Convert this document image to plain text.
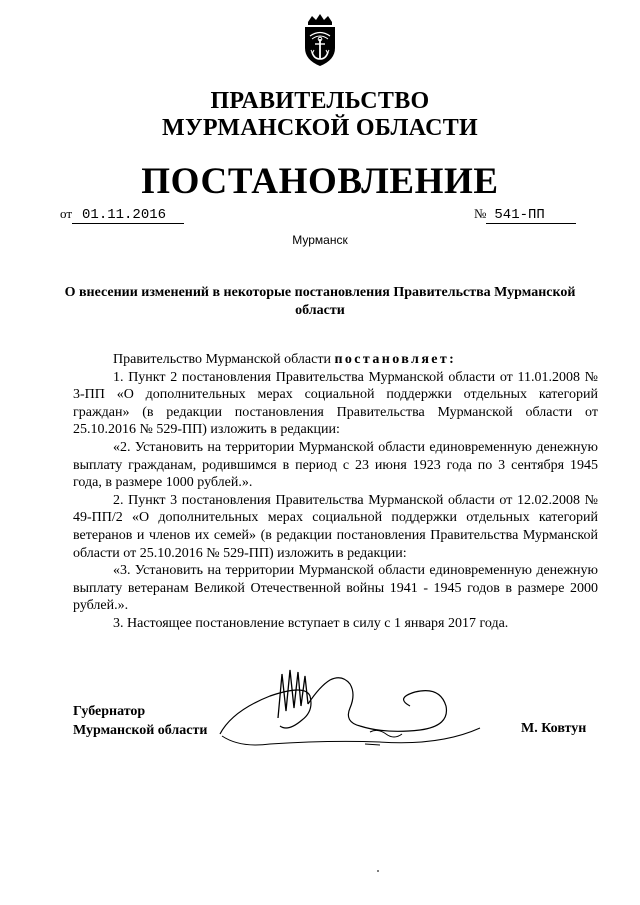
ПРАВИТЕЛЬСТВО
МУРМАНСКОЙ ОБЛАСТИ
ПОСТАНОВЛЕНИЕ
от 01.11.2016	№ 541-ПП
Мурманск
О внесении изменений в некоторые постановления Правительства Мурманской области

Правительство Мурманской области постановляет:

1. Пункт 2 постановления Правительства Мурманской области от 11.01.2008 № 3-ПП «О дополнительных мерах социальной поддержки отдельных категорий граждан» (в редакции постановления Правительства Мурманской области от 25.10.2016 № 529-ПП) изложить в редакции:

«2. Установить на территории Мурманской области единовременную денежную выплату гражданам, родившимся в период с 23 июня 1923 года по 3 сентября 1945 года, в размере 1000 рублей.».

2. Пункт 3 постановления Правительства Мурманской области от 12.02.2008 № 49-ПП/2 «О дополнительных мерах социальной поддержки отдельных категорий ветеранов и членов их семей» (в редакции постановления Правительства Мурманской области от 25.10.2016 № 529-ПП) изложить в редакции:

«3. Установить на территории Мурманской области единовременную денежную выплату ветеранам Великой Отечественной войны 1941 - 1945 годов в размере 2000 рублей.».

3. Настоящее постановление вступает в силу с 1 января 2017 года.

Губернатор
Мурманской области	М. Ковтун
